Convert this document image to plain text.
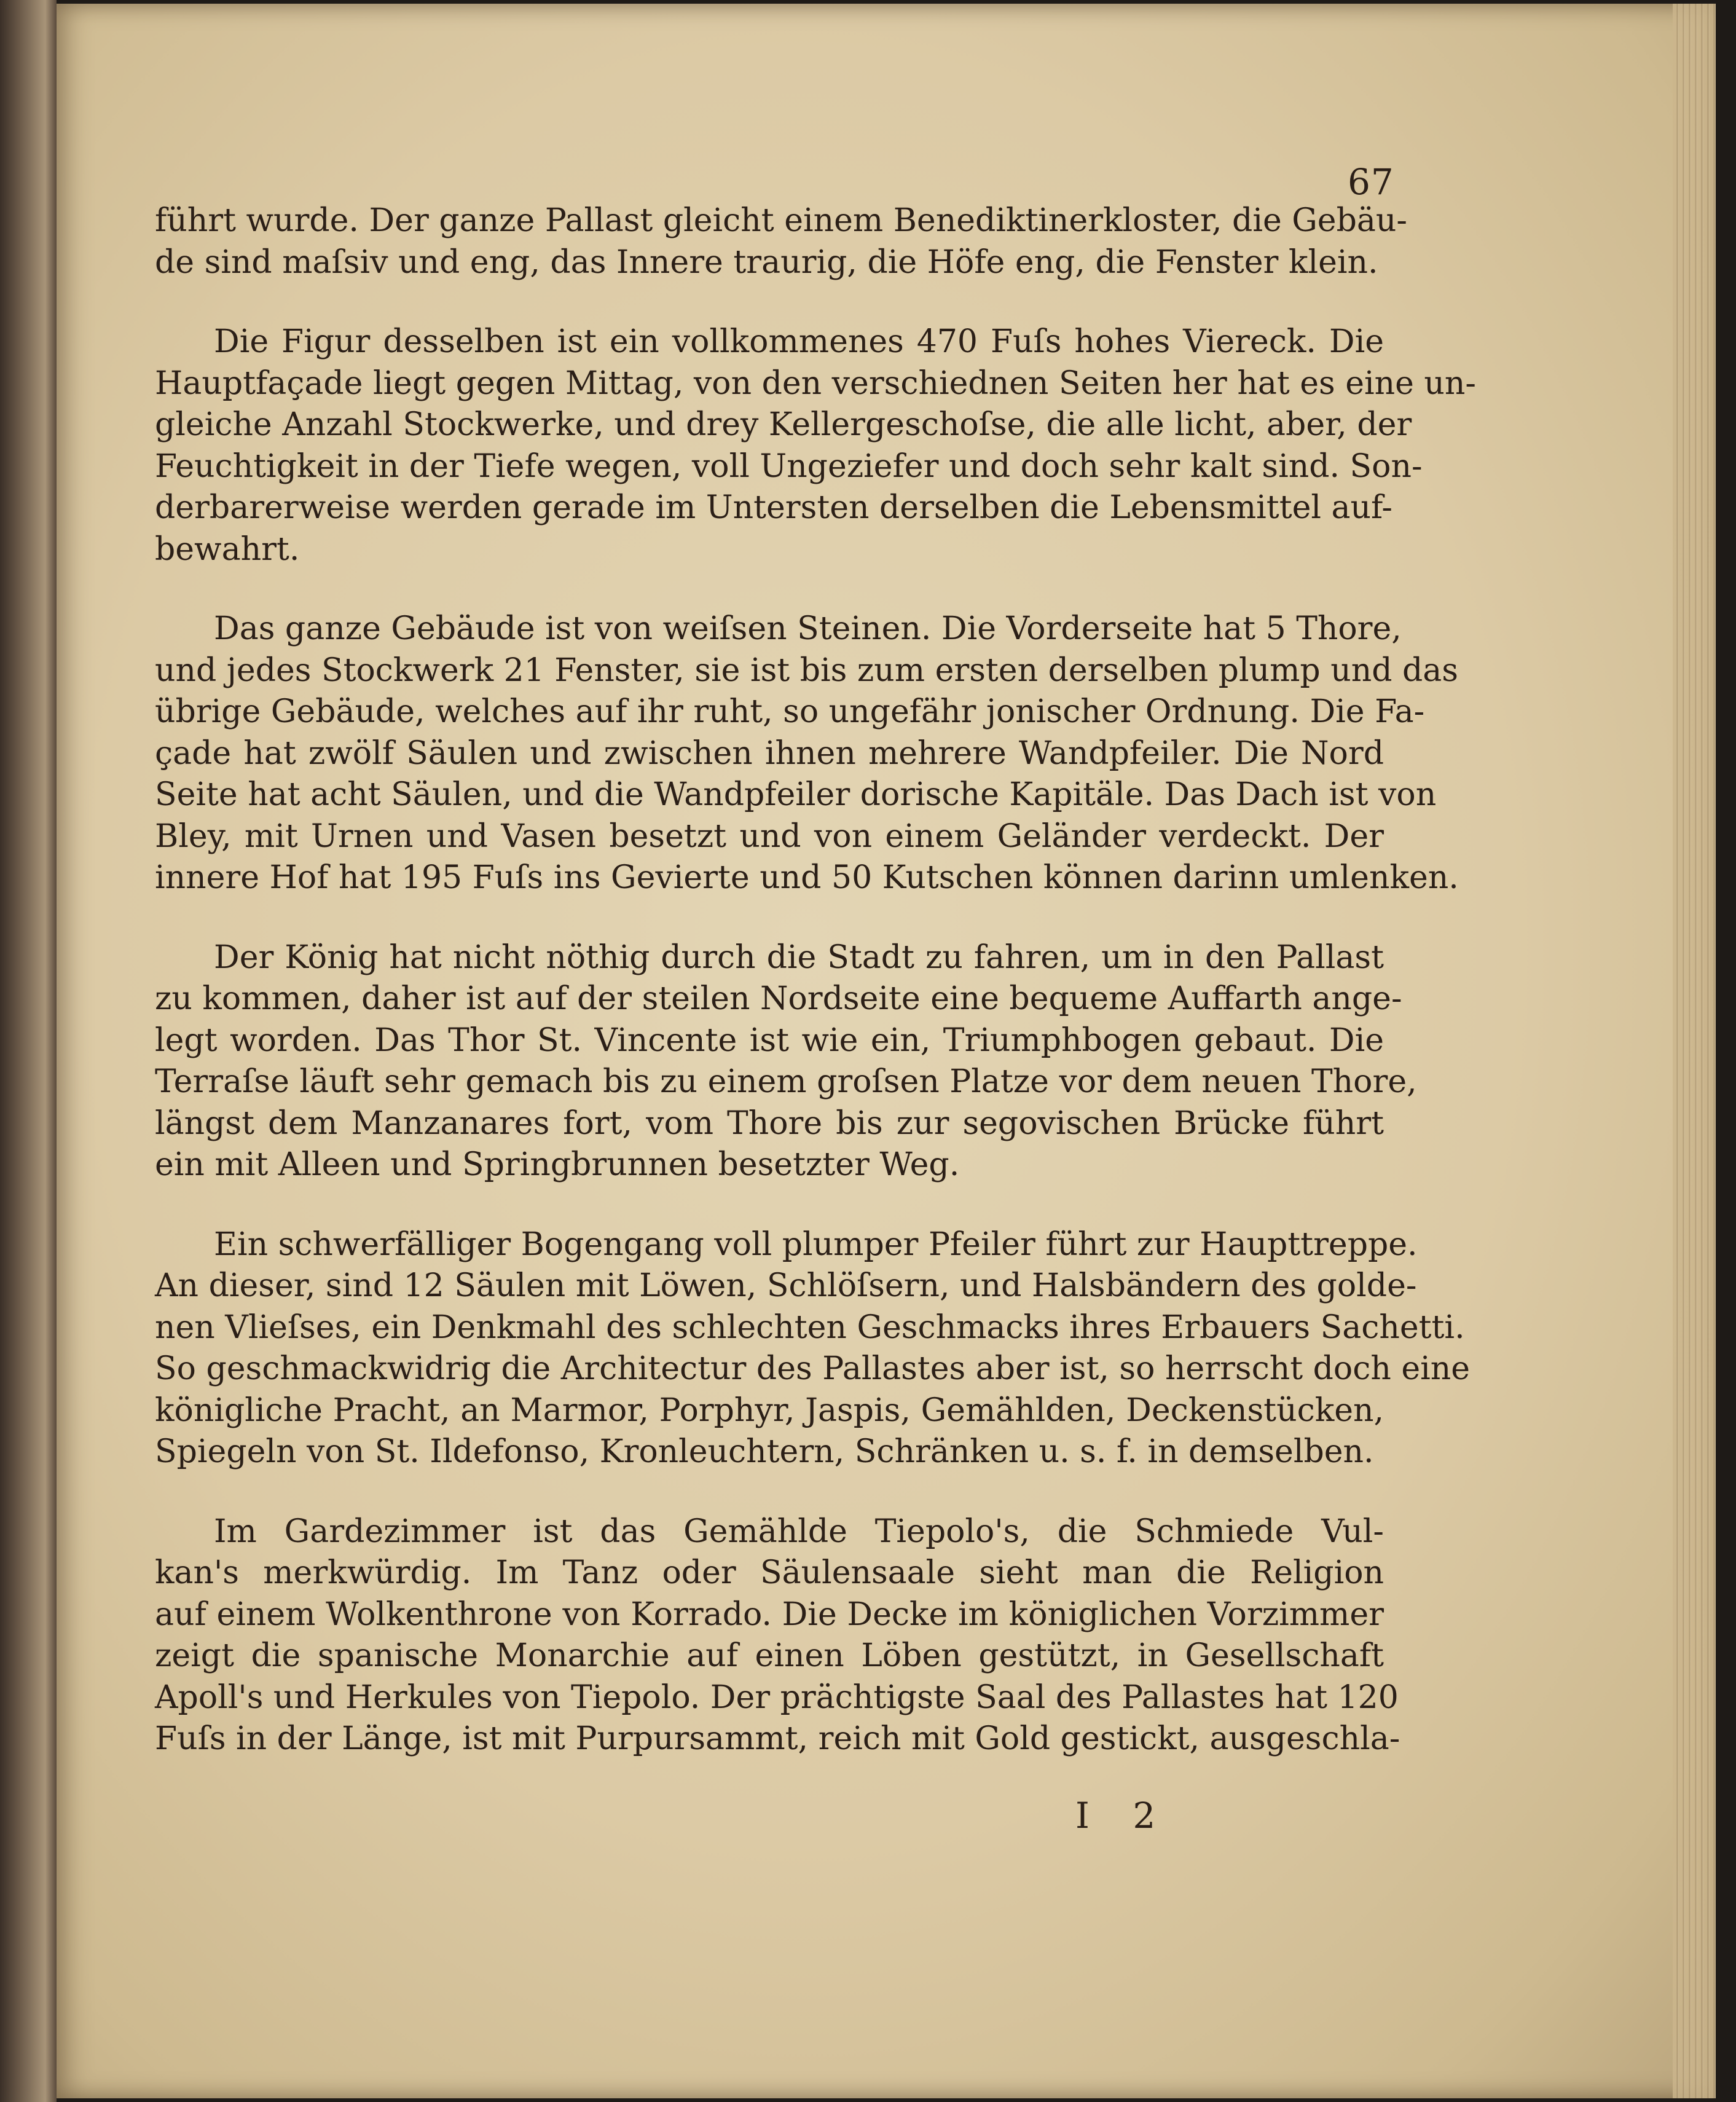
67
führt wurde. Der ganze Pallast gleicht einem Benediktinerkloster, die Gebäu-
de sind maſsiv und eng, das Innere traurig, die Höfe eng, die Fenster klein.
Die Figur desselben ist ein vollkommenes 470 Fuſs hohes Viereck. Die
Hauptfaçade liegt gegen Mittag, von den verschiednen Seiten her hat es eine un-
gleiche Anzahl Stockwerke, und drey Kellergeschoſse, die alle licht, aber, der
Feuchtigkeit in der Tiefe wegen, voll Ungeziefer und doch sehr kalt sind. Son-
derbarerweise werden gerade im Untersten derselben die Lebensmittel auf-
bewahrt.
Das ganze Gebäude ist von weiſsen Steinen. Die Vorderseite hat 5 Thore,
und jedes Stockwerk 21 Fenster, sie ist bis zum ersten derselben plump und das
übrige Gebäude, welches auf ihr ruht, so ungefähr jonischer Ordnung. Die Fa-
çade hat zwölf Säulen und zwischen ihnen mehrere Wandpfeiler. Die Nord
Seite hat acht Säulen, und die Wandpfeiler dorische Kapitäle. Das Dach ist von
Bley, mit Urnen und Vasen besetzt und von einem Geländer verdeckt. Der
innere Hof hat 195 Fuſs ins Gevierte und 50 Kutschen können darinn umlenken.
Der König hat nicht nöthig durch die Stadt zu fahren, um in den Pallast
zu kommen, daher ist auf der steilen Nordseite eine bequeme Auffarth ange-
legt worden. Das Thor St. Vincente ist wie ein, Triumphbogen gebaut. Die
Terraſse läuft sehr gemach bis zu einem groſsen Platze vor dem neuen Thore,
längst dem Manzanares fort, vom Thore bis zur segovischen Brücke führt
ein mit Alleen und Springbrunnen besetzter Weg.
Ein schwerfälliger Bogengang voll plumper Pfeiler führt zur Haupttreppe.
An dieser, sind 12 Säulen mit Löwen, Schlöſsern, und Halsbändern des golde-
nen Vlieſses, ein Denkmahl des schlechten Geschmacks ihres Erbauers Sachetti.
So geschmackwidrig die Architectur des Pallastes aber ist, so herrscht doch eine
königliche Pracht, an Marmor, Porphyr, Jaspis, Gemählden, Deckenstücken,
Spiegeln von St. Ildefonso, Kronleuchtern, Schränken u. s. f. in demselben.
Im Gardezimmer ist das Gemählde Tiepolo's, die Schmiede Vul-
kan's merkwürdig. Im Tanz oder Säulensaale sieht man die Religion
auf einem Wolkenthrone von Korrado. Die Decke im königlichen Vorzimmer
zeigt die spanische Monarchie auf einen Löben gestützt, in Gesellschaft
Apoll's und Herkules von Tiepolo. Der prächtigste Saal des Pallastes hat 120
Fuſs in der Länge, ist mit Purpursammt, reich mit Gold gestickt, ausgeschla-
I 2
